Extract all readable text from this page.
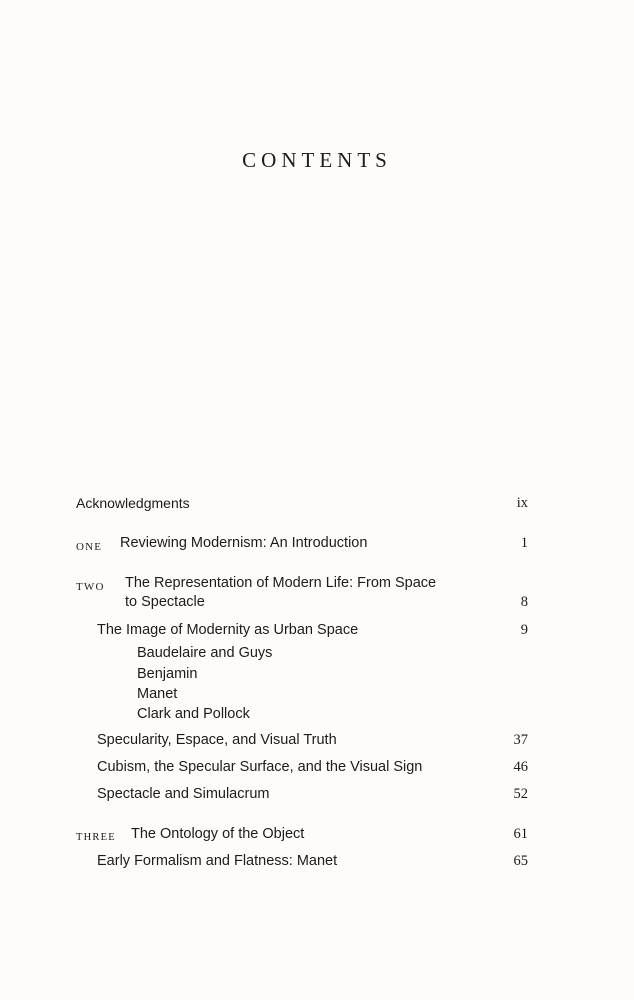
CONTENTS
Acknowledgments	ix
ONE Reviewing Modernism: An Introduction	1
TWO The Representation of Modern Life: From Space
to Spectacle	8
The Image of Modernity as Urban Space	9
Baudelaire and Guys
Benjamin
Manet
Clark and Pollock
Specularity, Espace, and Visual Truth	37
Cubism, the Specular Surface, and the Visual Sign	46
Spectacle and Simulacrum	52
THREE The Ontology of the Object	61
Early Formalism and Flatness: Manet	65
